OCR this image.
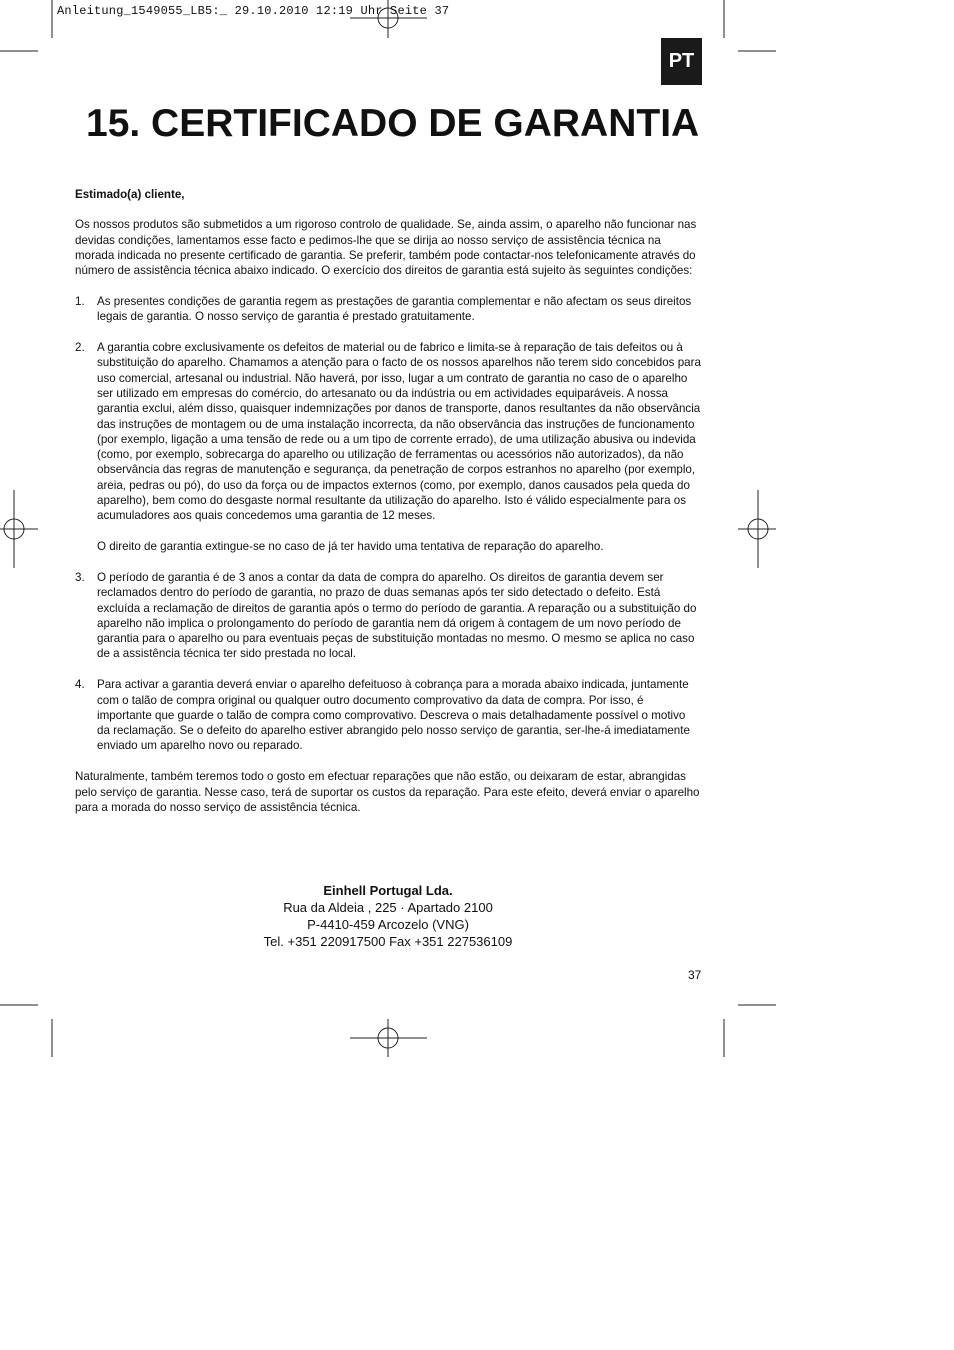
Anleitung_1549055_LB5:_ 29.10.2010 12:19 Uhr Seite 37
PT
15. CERTIFICADO DE GARANTIA

Estimado(a) cliente,

Os nossos produtos são submetidos a um rigoroso controlo de qualidade. Se, ainda assim, o aparelho não funcionar nas devidas condições, lamentamos esse facto e pedimos-lhe que se dirija ao nosso serviço de assistência técnica na morada indicada no presente certificado de garantia. Se preferir, também pode contactar-nos telefonicamente através do número de assistência técnica abaixo indicado. O exercício dos direitos de garantia está sujeito às seguintes condições:

1. As presentes condições de garantia regem as prestações de garantia complementar e não afectam os seus direitos legais de garantia. O nosso serviço de garantia é prestado gratuitamente.
2. A garantia cobre exclusivamente os defeitos de material ou de fabrico e limita-se à reparação de tais defeitos ou à substituição do aparelho. Chamamos a atenção para o facto de os nossos aparelhos não terem sido concebidos para uso comercial, artesanal ou industrial. Não haverá, por isso, lugar a um contrato de garantia no caso de o aparelho ser utilizado em empresas do comércio, do artesanato ou da indústria ou em actividades equiparáveis. A nossa garantia exclui, além disso, quaisquer indemnizações por danos de transporte, danos resultantes da não observância das instruções de montagem ou de uma instalação incorrecta, da não observância das instruções de funcionamento (por exemplo, ligação a uma tensão de rede ou a um tipo de corrente errado), de uma utilização abusiva ou indevida (como, por exemplo, sobrecarga do aparelho ou utilização de ferramentas ou acessórios não autorizados), da não observância das regras de manutenção e segurança, da penetração de corpos estranhos no aparelho (por exemplo, areia, pedras ou pó), do uso da força ou de impactos externos (como, por exemplo, danos causados pela queda do aparelho), bem como do desgaste normal resultante da utilização do aparelho. Isto é válido especialmente para os acumuladores aos quais concedemos uma garantia de 12 meses.
O direito de garantia extingue-se no caso de já ter havido uma tentativa de reparação do aparelho.
3. O período de garantia é de 3 anos a contar da data de compra do aparelho. Os direitos de garantia devem ser reclamados dentro do período de garantia, no prazo de duas semanas após ter sido detectado o defeito. Está excluída a reclamação de direitos de garantia após o termo do período de garantia. A reparação ou a substituição do aparelho não implica o prolongamento do período de garantia nem dá origem à contagem de um novo período de garantia para o aparelho ou para eventuais peças de substituição montadas no mesmo. O mesmo se aplica no caso de a assistência técnica ter sido prestada no local.
4. Para activar a garantia deverá enviar o aparelho defeituoso à cobrança para a morada abaixo indicada, juntamente com o talão de compra original ou qualquer outro documento comprovativo da data de compra. Por isso, é importante que guarde o talão de compra como comprovativo. Descreva o mais detalhadamente possível o motivo da reclamação. Se o defeito do aparelho estiver abrangido pelo nosso serviço de garantia, ser-lhe-á imediatamente enviado um aparelho novo ou reparado.

Naturalmente, também teremos todo o gosto em efectuar reparações que não estão, ou deixaram de estar, abrangidas pelo serviço de garantia. Nesse caso, terá de suportar os custos da reparação. Para este efeito, deverá enviar o aparelho para a morada do nosso serviço de assistência técnica.

Einhell Portugal Lda.
Rua da Aldeia , 225 · Apartado 2100
P-4410-459 Arcozelo (VNG)
Tel. +351 220917500 Fax +351 227536109
37
